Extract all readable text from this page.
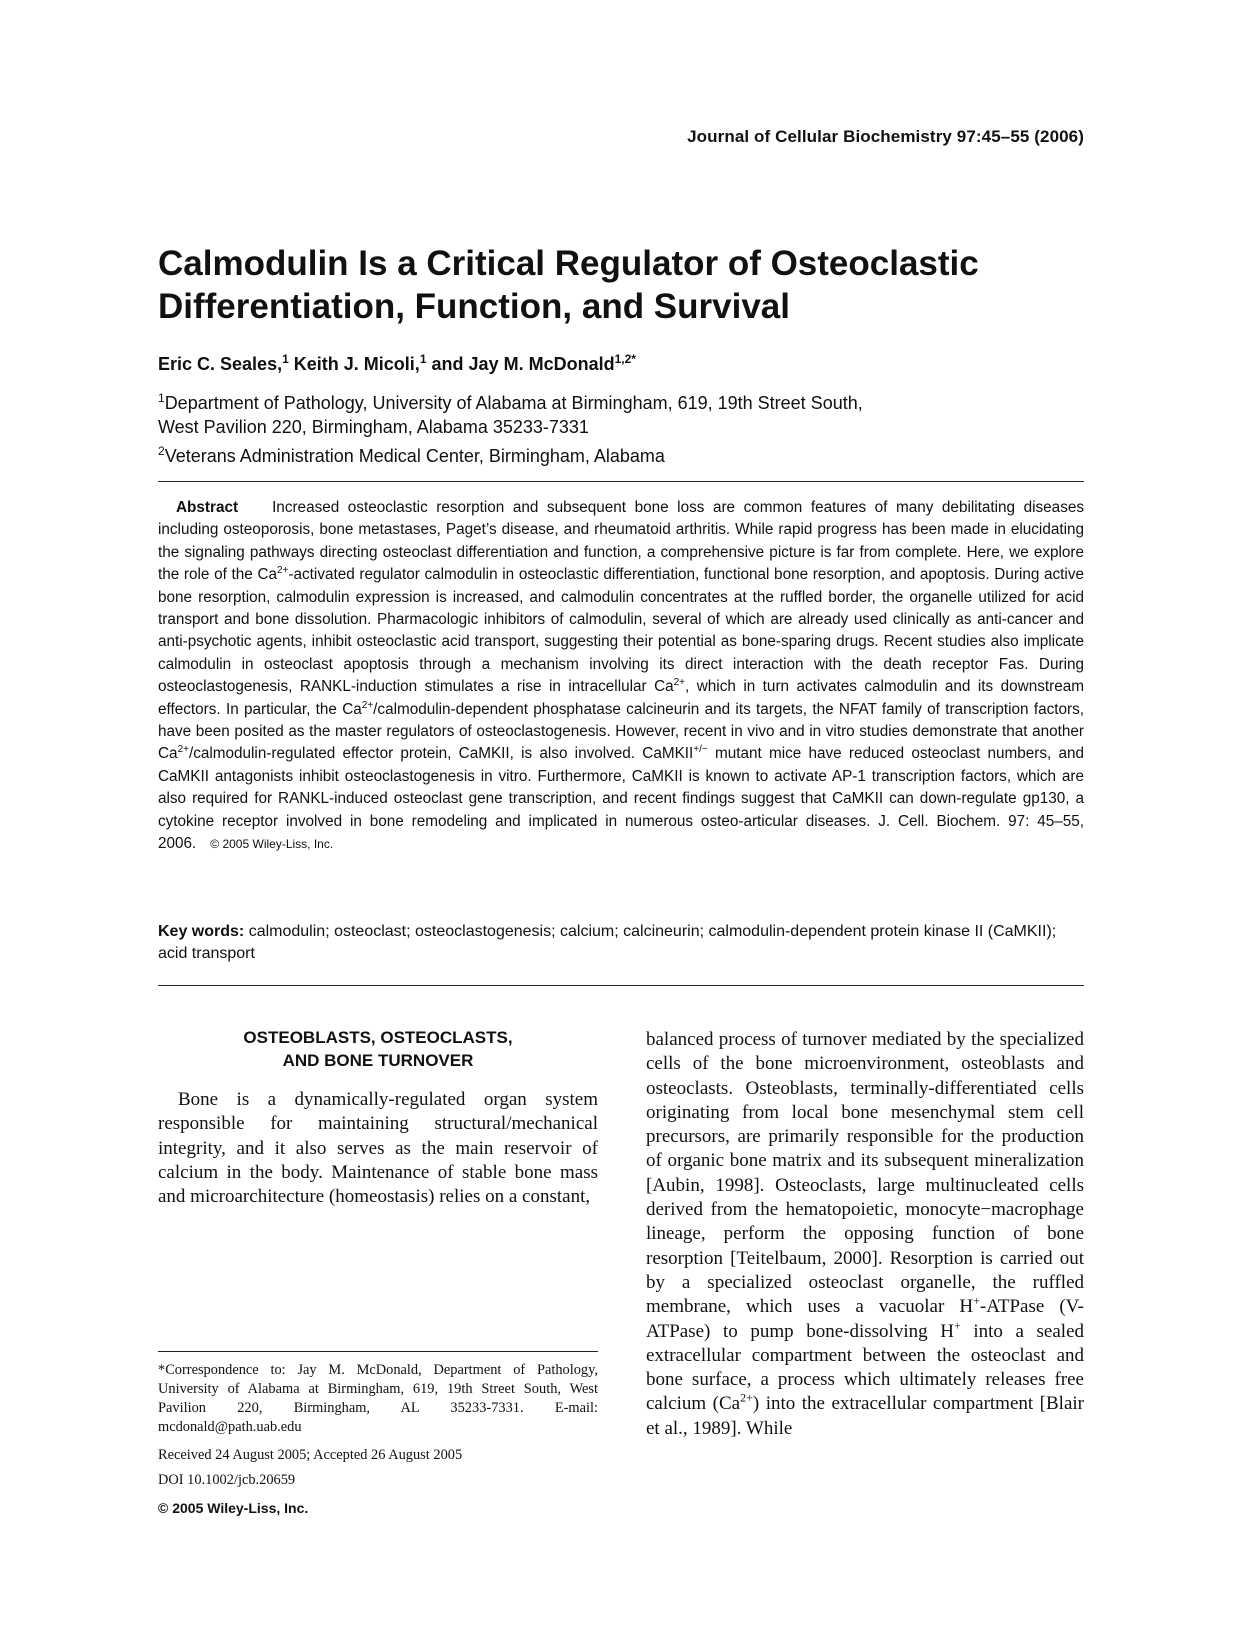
Journal of Cellular Biochemistry 97:45–55 (2006)
Calmodulin Is a Critical Regulator of Osteoclastic Differentiation, Function, and Survival
Eric C. Seales,$^1$ Keith J. Micoli,$^1$ and Jay M. McDonald$^{1,2*}$
$^1$Department of Pathology, University of Alabama at Birmingham, 619, 19th Street South,
West Pavilion 220, Birmingham, Alabama 35233-7331
$^2$Veterans Administration Medical Center, Birmingham, Alabama
Abstract Increased osteoclastic resorption and subsequent bone loss are common features of many debilitating diseases including osteoporosis, bone metastases, Paget’s disease, and rheumatoid arthritis. While rapid progress has been made in elucidating the signaling pathways directing osteoclast differentiation and function, a comprehensive picture is far from complete. Here, we explore the role of the $Ca^{2+}$-activated regulator calmodulin in osteoclastic differentiation, functional bone resorption, and apoptosis. During active bone resorption, calmodulin expression is increased, and calmodulin concentrates at the ruffled border, the organelle utilized for acid transport and bone dissolution. Pharmacologic inhibitors of calmodulin, several of which are already used clinically as anti-cancer and anti-psychotic agents, inhibit osteoclastic acid transport, suggesting their potential as bone-sparing drugs. Recent studies also implicate calmodulin in osteoclast apoptosis through a mechanism involving its direct interaction with the death receptor Fas. During osteoclastogenesis, RANKL-induction stimulates a rise in intracellular $Ca^{2+}$, which in turn activates calmodulin and its downstream effectors. In particular, the $Ca^{2+}/calmodulin$-dependent phosphatase calcineurin and its targets, the NFAT family of transcription factors, have been posited as the master regulators of osteoclastogenesis. However, recent in vivo and in vitro studies demonstrate that another $Ca^{2+}/calmodulin$-regulated effector protein, CaMKII, is also involved. CaMKII+/− mutant mice have reduced osteoclast numbers, and CaMKII antagonists inhibit osteoclastogenesis in vitro. Furthermore, CaMKII is known to activate AP-1 transcription factors, which are also required for RANKL-induced osteoclast gene transcription, and recent findings suggest that CaMKII can down-regulate gp130, a cytokine receptor involved in bone remodeling and implicated in numerous osteo-articular diseases. J. Cell. Biochem. 97: 45–55, 2006. © 2005 Wiley-Liss, Inc.
Key words: calmodulin; osteoclast; osteoclastogenesis; calcium; calcineurin; calmodulin-dependent protein kinase II (CaMKII); acid transport
OSTEOBLASTS, OSTEOCLASTS,
AND BONE TURNOVER

Bone is a dynamically-regulated organ system responsible for maintaining structural/mechanical integrity, and it also serves as the main reservoir of calcium in the body. Maintenance of stable bone mass and microarchitecture (homeostasis) relies on a constant,

balanced process of turnover mediated by the specialized cells of the bone microenvironment, osteoblasts and osteoclasts. Osteoblasts, terminally-differentiated cells originating from local bone mesenchymal stem cell precursors, are primarily responsible for the production of organic bone matrix and its subsequent mineralization [Aubin, 1998]. Osteoclasts, large multinucleated cells derived from the hematopoietic, monocyte−macrophage lineage, perform the opposing function of bone resorption [Teitelbaum, 2000]. Resorption is carried out by a specialized osteoclast organelle, the ruffled membrane, which uses a vacuolar H+-ATPase (V-ATPase) to pump bone-dissolving H+ into a sealed extracellular compartment between the osteoclast and bone surface, a process which ultimately releases free calcium $(Ca^{2+})$ into the extracellular compartment [Blair et al., 1989]. While

*Correspondence to: Jay M. McDonald, Department of Pathology, University of Alabama at Birmingham, 619, 19th Street South, West Pavilion 220, Birmingham, AL 35233-7331. E-mail: mcdonald@path.uab.edu
Received 24 August 2005; Accepted 26 August 2005
DOI 10.1002/jcb.20659
© 2005 Wiley-Liss, Inc.
